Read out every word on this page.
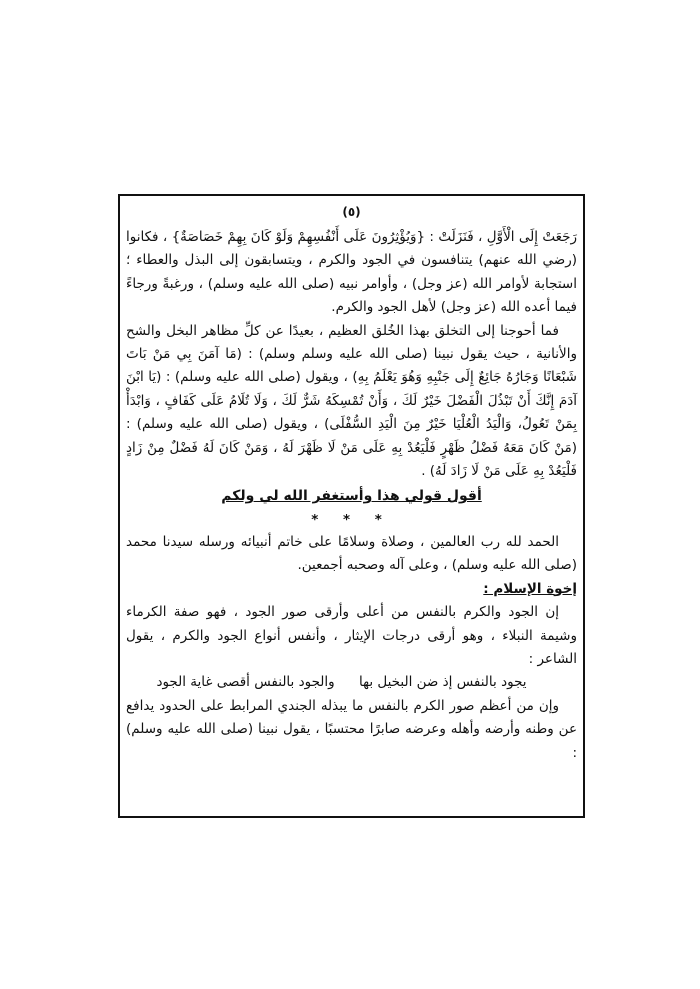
(٥)

رَجَعَتْ إِلَى الْأَوَّلِ ، فَنَزَلَتْ : {وَيُؤْثِرُونَ عَلَى أَنْفُسِهِمْ وَلَوْ كَانَ بِهِمْ خَصَاصَةٌ} ، فكانوا (رضي الله عنهم) يتنافسون في الجود والكرم ، ويتسابقون إلى البذل والعطاء ؛ استجابة لأوامر الله (عز وجل) ، وأوامر نبيه (صلى الله عليه وسلم) ، ورغبةً ورجاءً فيما أعده الله (عز وجل) لأهل الجود والكرم.

فما أحوجنا إلى التخلق بهذا الخُلق العظيم ، بعيدًا عن كلِّ مظاهر البخل والشح والأنانية ، حيث يقول نبينا (صلى الله عليه وسلم وسلم) : (مَا آمَنَ بِي مَنْ بَاتَ شَبْعَانًا وَجَارُهُ جَائِعٌ إِلَى جَنْبِهِ وَهُوَ يَعْلَمُ بِهِ) ، ويقول (صلى الله عليه وسلم) : (يَا ابْنَ آدَمَ إِنَّكَ أَنْ تَبْذُلَ الْفَضْلَ خَيْرٌ لَكَ ، وَأَنْ تُمْسِكَهُ شَرٌّ لَكَ ، وَلَا تُلَامُ عَلَى كَفَافٍ ، وَابْدَأْ بِمَنْ تَعُولُ، وَالْيَدُ الْعُلْيَا خَيْرٌ مِنَ الْيَدِ السُّفْلَى) ، ويقول (صلى الله عليه وسلم) : (مَنْ كَانَ مَعَهُ فَضْلُ ظَهْرٍ فَلْيَعُدْ بِهِ عَلَى مَنْ لَا ظَهْرَ لَهُ ، وَمَنْ كَانَ لَهُ فَضْلٌ مِنْ زَادٍ فَلْيَعُدْ بِهِ عَلَى مَنْ لَا زَادَ لَهُ) .

أقول قولي هذا وأستغفر الله لي ولكم
* * *

الحمد لله رب العالمين ، وصلاة وسلامًا على خاتم أنبيائه ورسله سيدنا محمد (صلى الله عليه وسلم) ، وعلى آله وصحبه أجمعين.

إخوة الإسلام :

إن الجود والكرم بالنفس من أعلى وأرقى صور الجود ، فهو صفة الكرماء وشيمة النبلاء ، وهو أرقى درجات الإيثار ، وأنفس أنواع الجود والكرم ، يقول الشاعر :

يجود بالنفس إذ ضن البخيل بها والجود بالنفس أقصى غاية الجود

وإن من أعظم صور الكرم بالنفس ما يبذله الجندي المرابط على الحدود يدافع عن وطنه وأرضه وأهله وعرضه صابرًا محتسبًا ، يقول نبينا (صلى الله عليه وسلم) :
